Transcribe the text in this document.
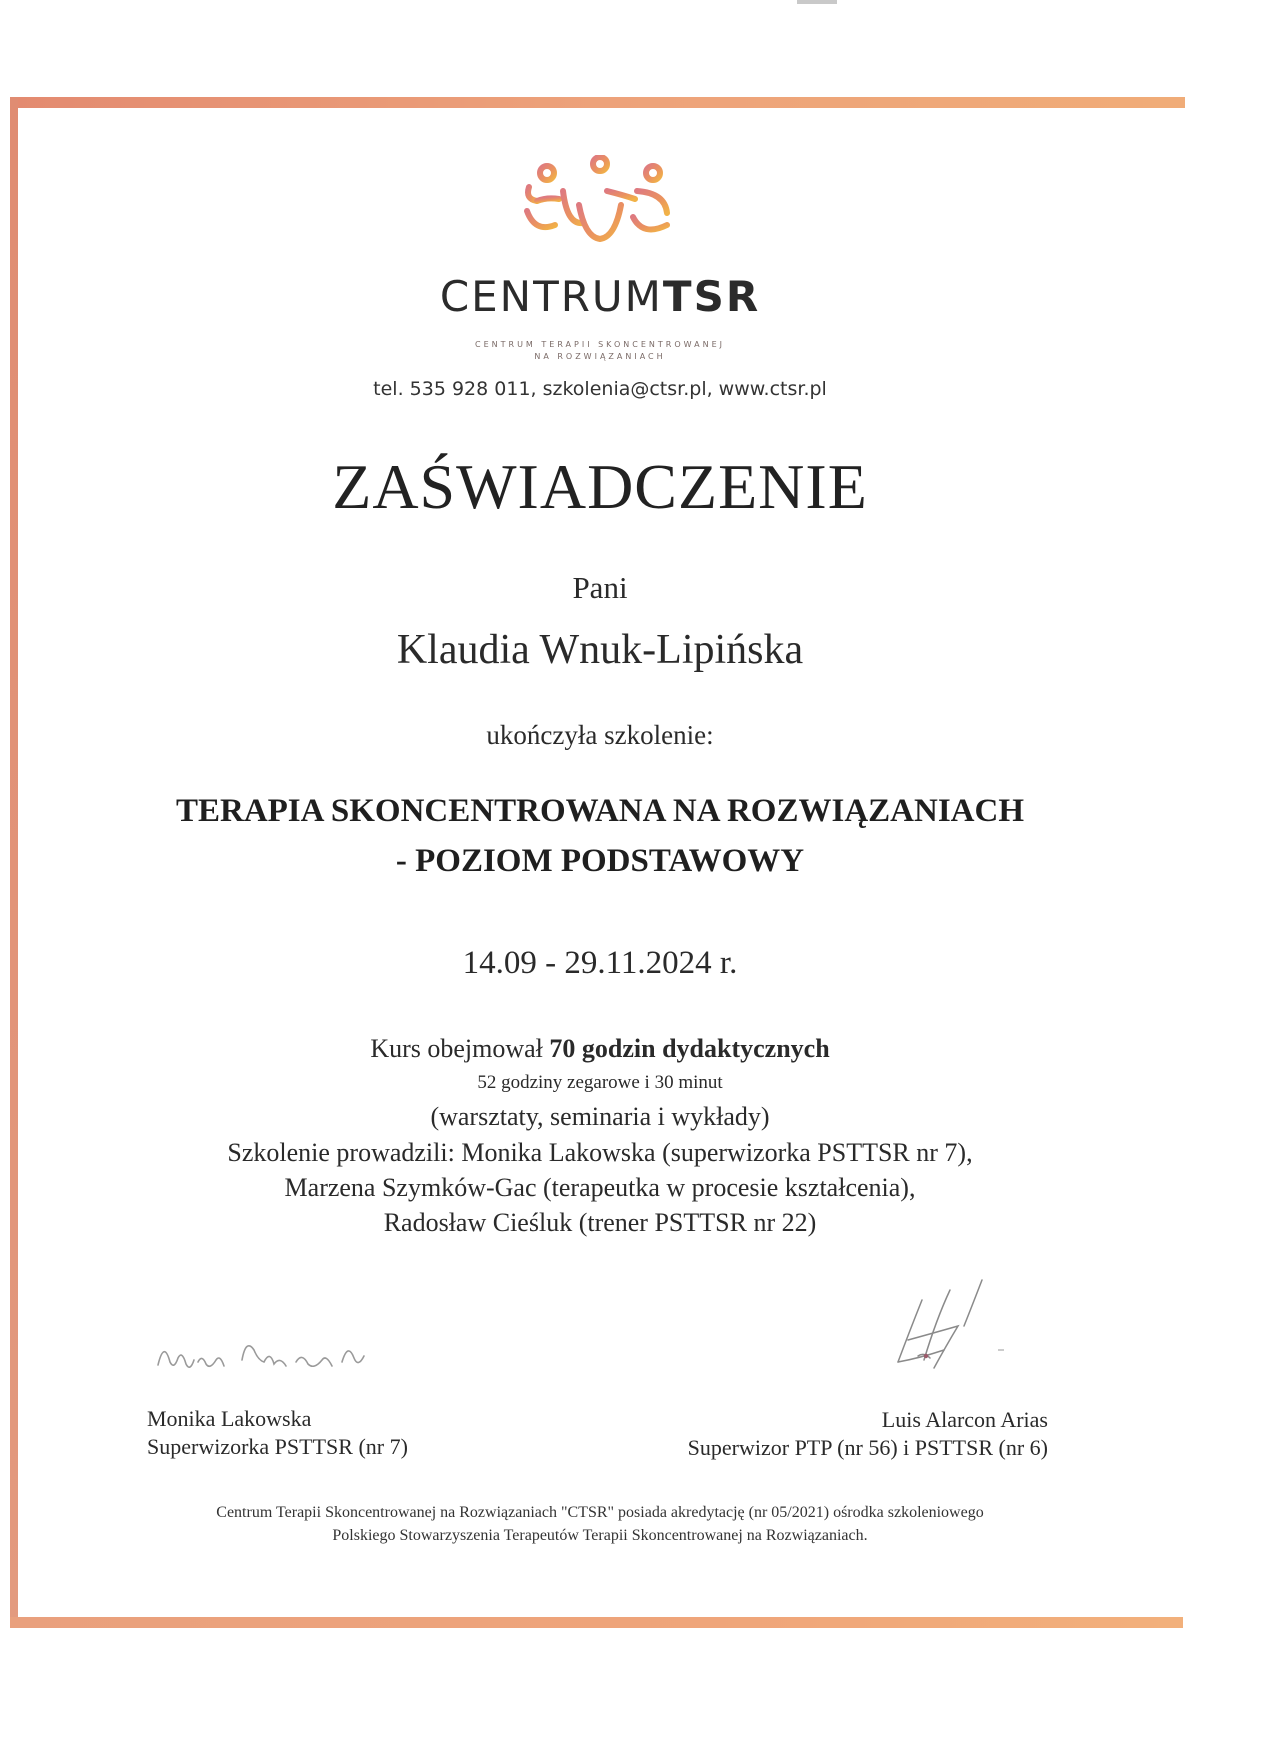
CENTRUMTSR
CENTRUM TERAPII SKONCENTROWANEJ
NA ROZWIĄZANIACH
tel. 535 928 011, szkolenia@ctsr.pl, www.ctsr.pl
ZAŚWIADCZENIE
Pani
Klaudia Wnuk-Lipińska
ukończyła szkolenie:
TERAPIA SKONCENTROWANA NA ROZWIĄZANIACH
- POZIOM PODSTAWOWY
14.09 - 29.11.2024 r.
Kurs obejmował 70 godzin dydaktycznych
52 godziny zegarowe i 30 minut
(warsztaty, seminaria i wykłady)
Szkolenie prowadzili: Monika Lakowska (superwizorka PSTTSR nr 7),
Marzena Szymków-Gac (terapeutka w procesie kształcenia),
Radosław Cieśluk (trener PSTTSR nr 22)
Monika Lakowska
Superwizorka PSTTSR (nr 7)
Luis Alarcon Arias
Superwizor PTP (nr 56) i PSTTSR (nr 6)
Centrum Terapii Skoncentrowanej na Rozwiązaniach "CTSR" posiada akredytację (nr 05/2021) ośrodka szkoleniowego
Polskiego Stowarzyszenia Terapeutów Terapii Skoncentrowanej na Rozwiązaniach.
